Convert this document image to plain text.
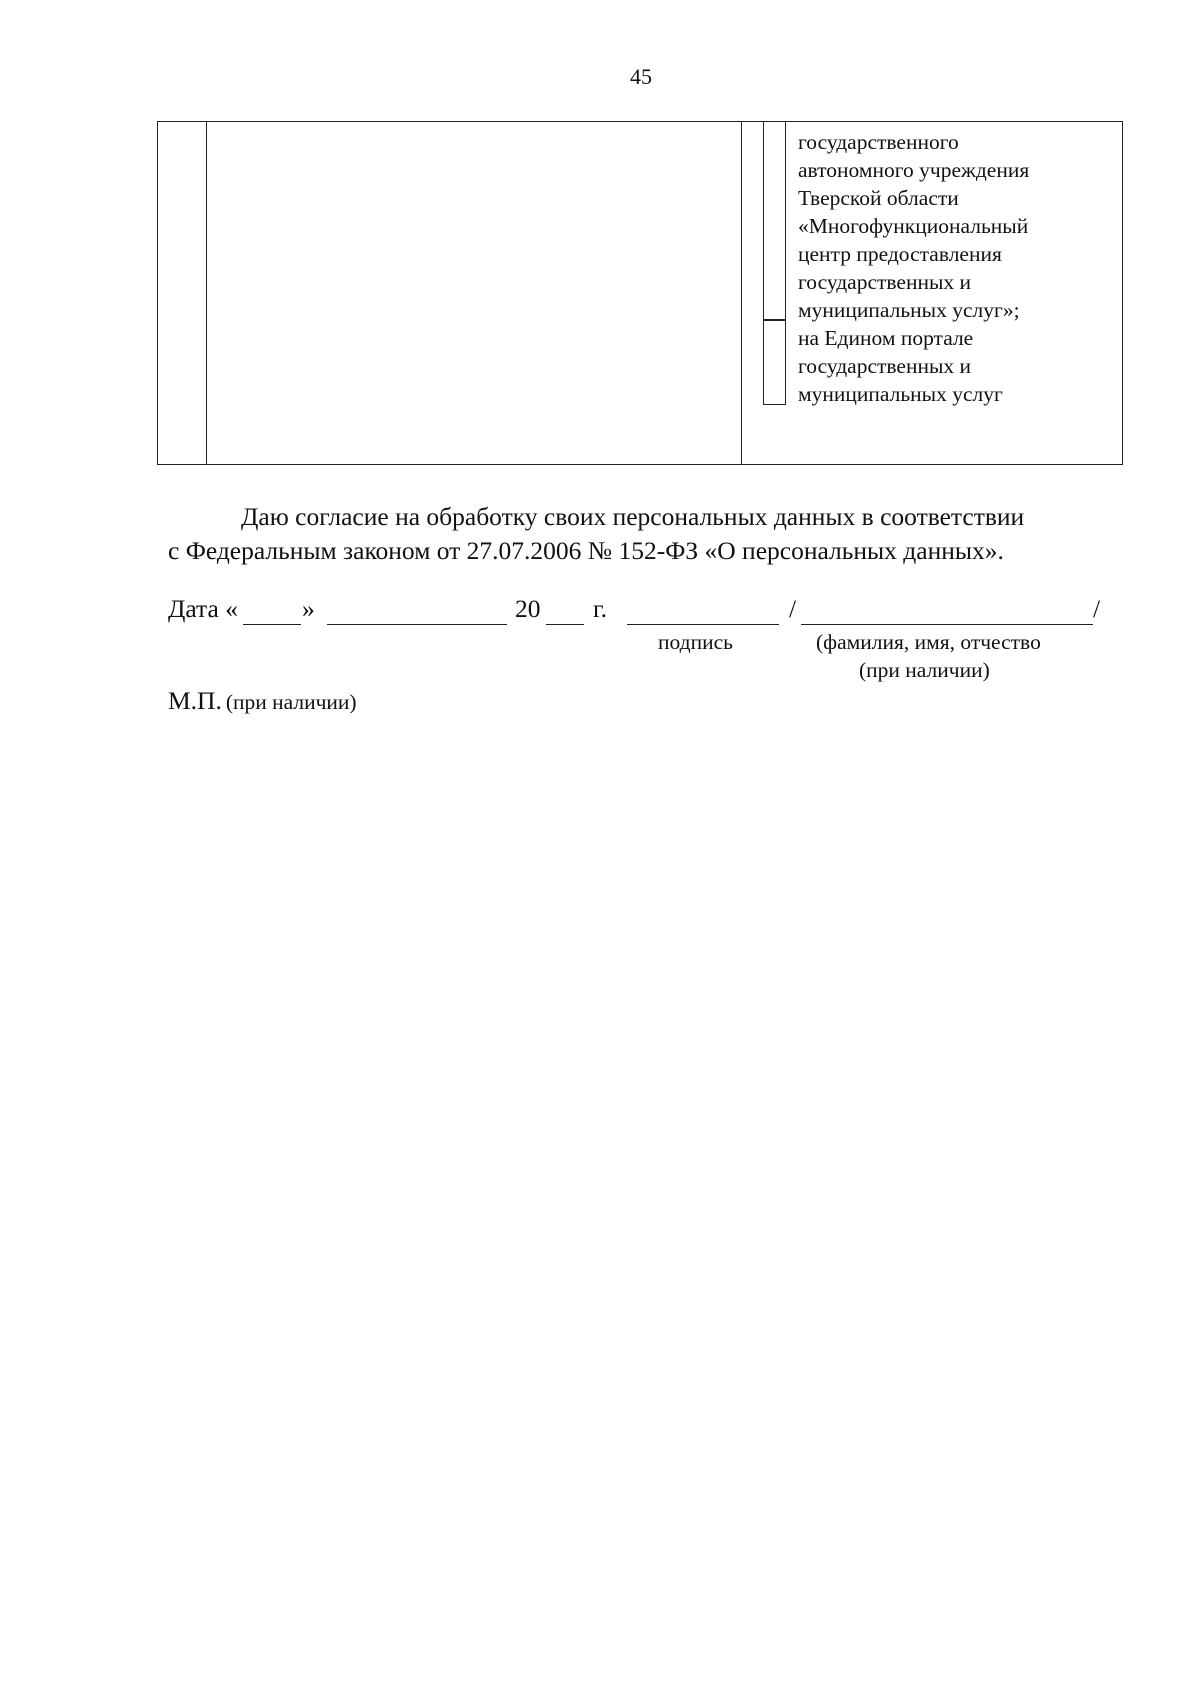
45
государственного
автономного учреждения
Тверской области
«Многофункциональный
центр предоставления
государственных и
муниципальных услуг»;
на Едином портале
государственных и
муниципальных услуг
Даю согласие на обработку своих персональных данных в соответствии
с Федеральным законом от 27.07.2006 № 152-ФЗ «О персональных данных».
Дата «	»	20 г.	/	/
подпись	(фамилия, имя, отчество
(при наличии)
М.П. (при наличии)
